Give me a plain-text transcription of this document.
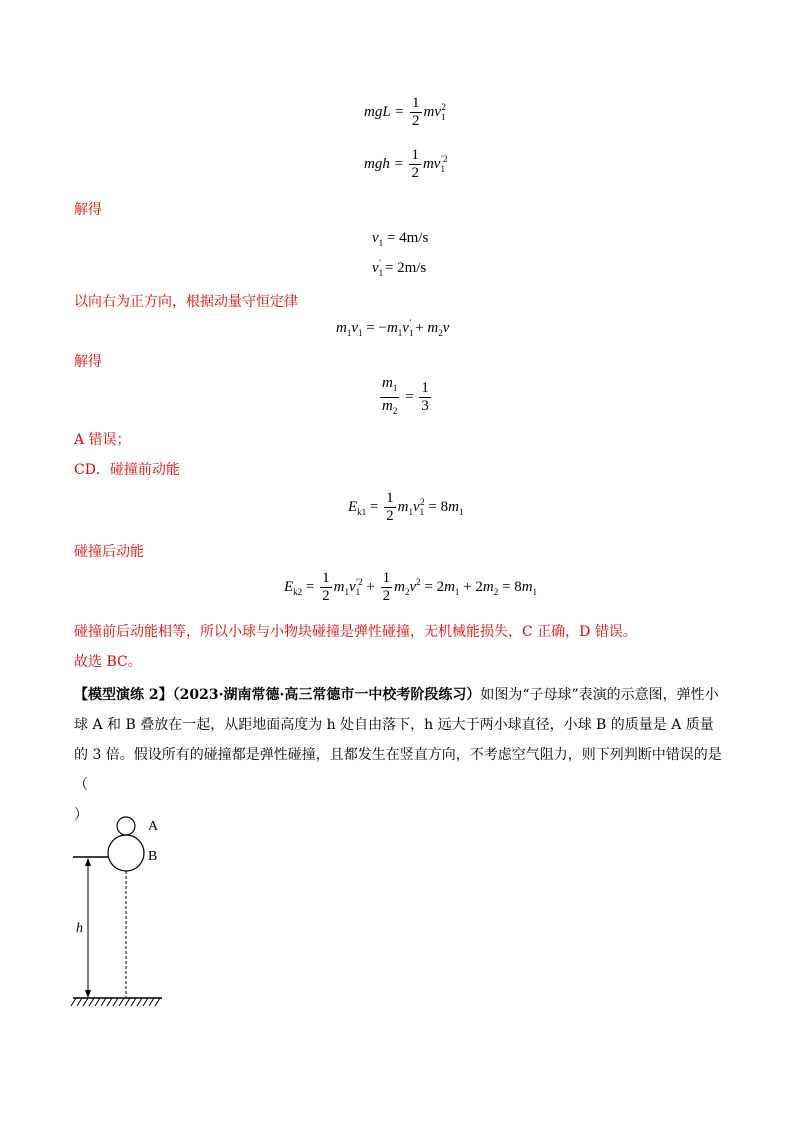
mgL = $\frac{1}{2} mv_1^2$
mgh = $\frac{1}{2} mv_1^{'2}$
解得
$v_1 = 4m/s$
$v_1' = 2m/s$
以向右为正方向，根据动量守恒定律
$m_1v_1 = -m_1v_1' + m_2v$
解得
$\frac{m_1}{m_2} = \frac{1}{3}$
A 错误；
CD．碰撞前动能
$E_{k1} = \frac{1}{2} m_1v_1^2 = 8m_1$
碰撞后动能
$E_{k2} = \frac{1}{2} m_1v_1^{'2} + \frac{1}{2} m_2v^2 = 2m_1 + 2m_2 = 8m_1$
碰撞前后动能相等，所以小球与小物块碰撞是弹性碰撞，无机械能损失，C 正确，D 错误。
故选 BC。
【模型演练 2】（2023·湖南常德·高三常德市一中校考阶段练习）如图为“子母球”表演的示意图，弹性小球 A 和 B 叠放在一起，从距地面高度为 h 处自由落下，h 远大于两小球直径，小球 B 的质量是 A 质量的 3 倍。假设所有的碰撞都是弹性碰撞，且都发生在竖直方向，不考虑空气阻力，则下列判断中错误的是（
）
A
B
h
